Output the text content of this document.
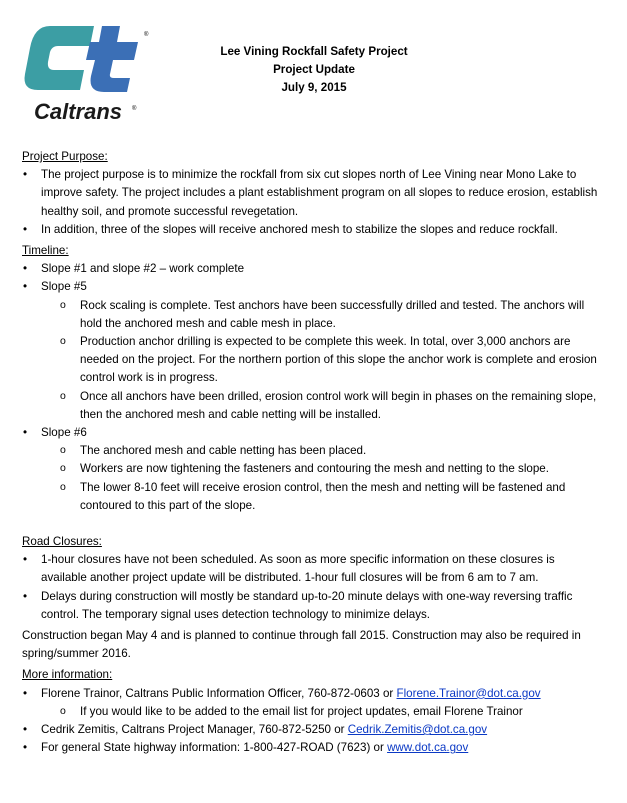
®
Caltrans ®
Lee Vining Rockfall Safety Project
Project Update
July 9, 2015

Project Purpose:

• The project purpose is to minimize the rockfall from six cut slopes north of Lee Vining near Mono Lake to improve safety. The project includes a plant establishment program on all slopes to reduce erosion, establish healthy soil, and promote successful revegetation.
• In addition, three of the slopes will receive anchored mesh to stabilize the slopes and reduce rockfall.

Timeline:

• Slope #1 and slope #2 – work complete
• Slope #5
o Rock scaling is complete. Test anchors have been successfully drilled and tested. The anchors will hold the anchored mesh and cable mesh in place.
o Production anchor drilling is expected to be complete this week. In total, over 3,000 anchors are needed on the project. For the northern portion of this slope the anchor work is complete and erosion control work is in progress.
o Once all anchors have been drilled, erosion control work will begin in phases on the remaining slope, then the anchored mesh and cable netting will be installed.
• Slope #6
o The anchored mesh and cable netting has been placed.
o Workers are now tightening the fasteners and contouring the mesh and netting to the slope.
o The lower 8-10 feet will receive erosion control, then the mesh and netting will be fastened and contoured to this part of the slope.

Road Closures:

• 1-hour closures have not been scheduled. As soon as more specific information on these closures is available another project update will be distributed. 1-hour full closures will be from 6 am to 7 am.
• Delays during construction will mostly be standard up-to-20 minute delays with one-way reversing traffic control. The temporary signal uses detection technology to minimize delays.

Construction began May 4 and is planned to continue through fall 2015. Construction may also be required in spring/summer 2016.

More information:

• Florene Trainor, Caltrans Public Information Officer, 760-872-0603 or Florene.Trainor@dot.ca.gov
o If you would like to be added to the email list for project updates, email Florene Trainor
• Cedrik Zemitis, Caltrans Project Manager, 760-872-5250 or Cedrik.Zemitis@dot.ca.gov
• For general State highway information: 1-800-427-ROAD (7623) or www.dot.ca.gov
